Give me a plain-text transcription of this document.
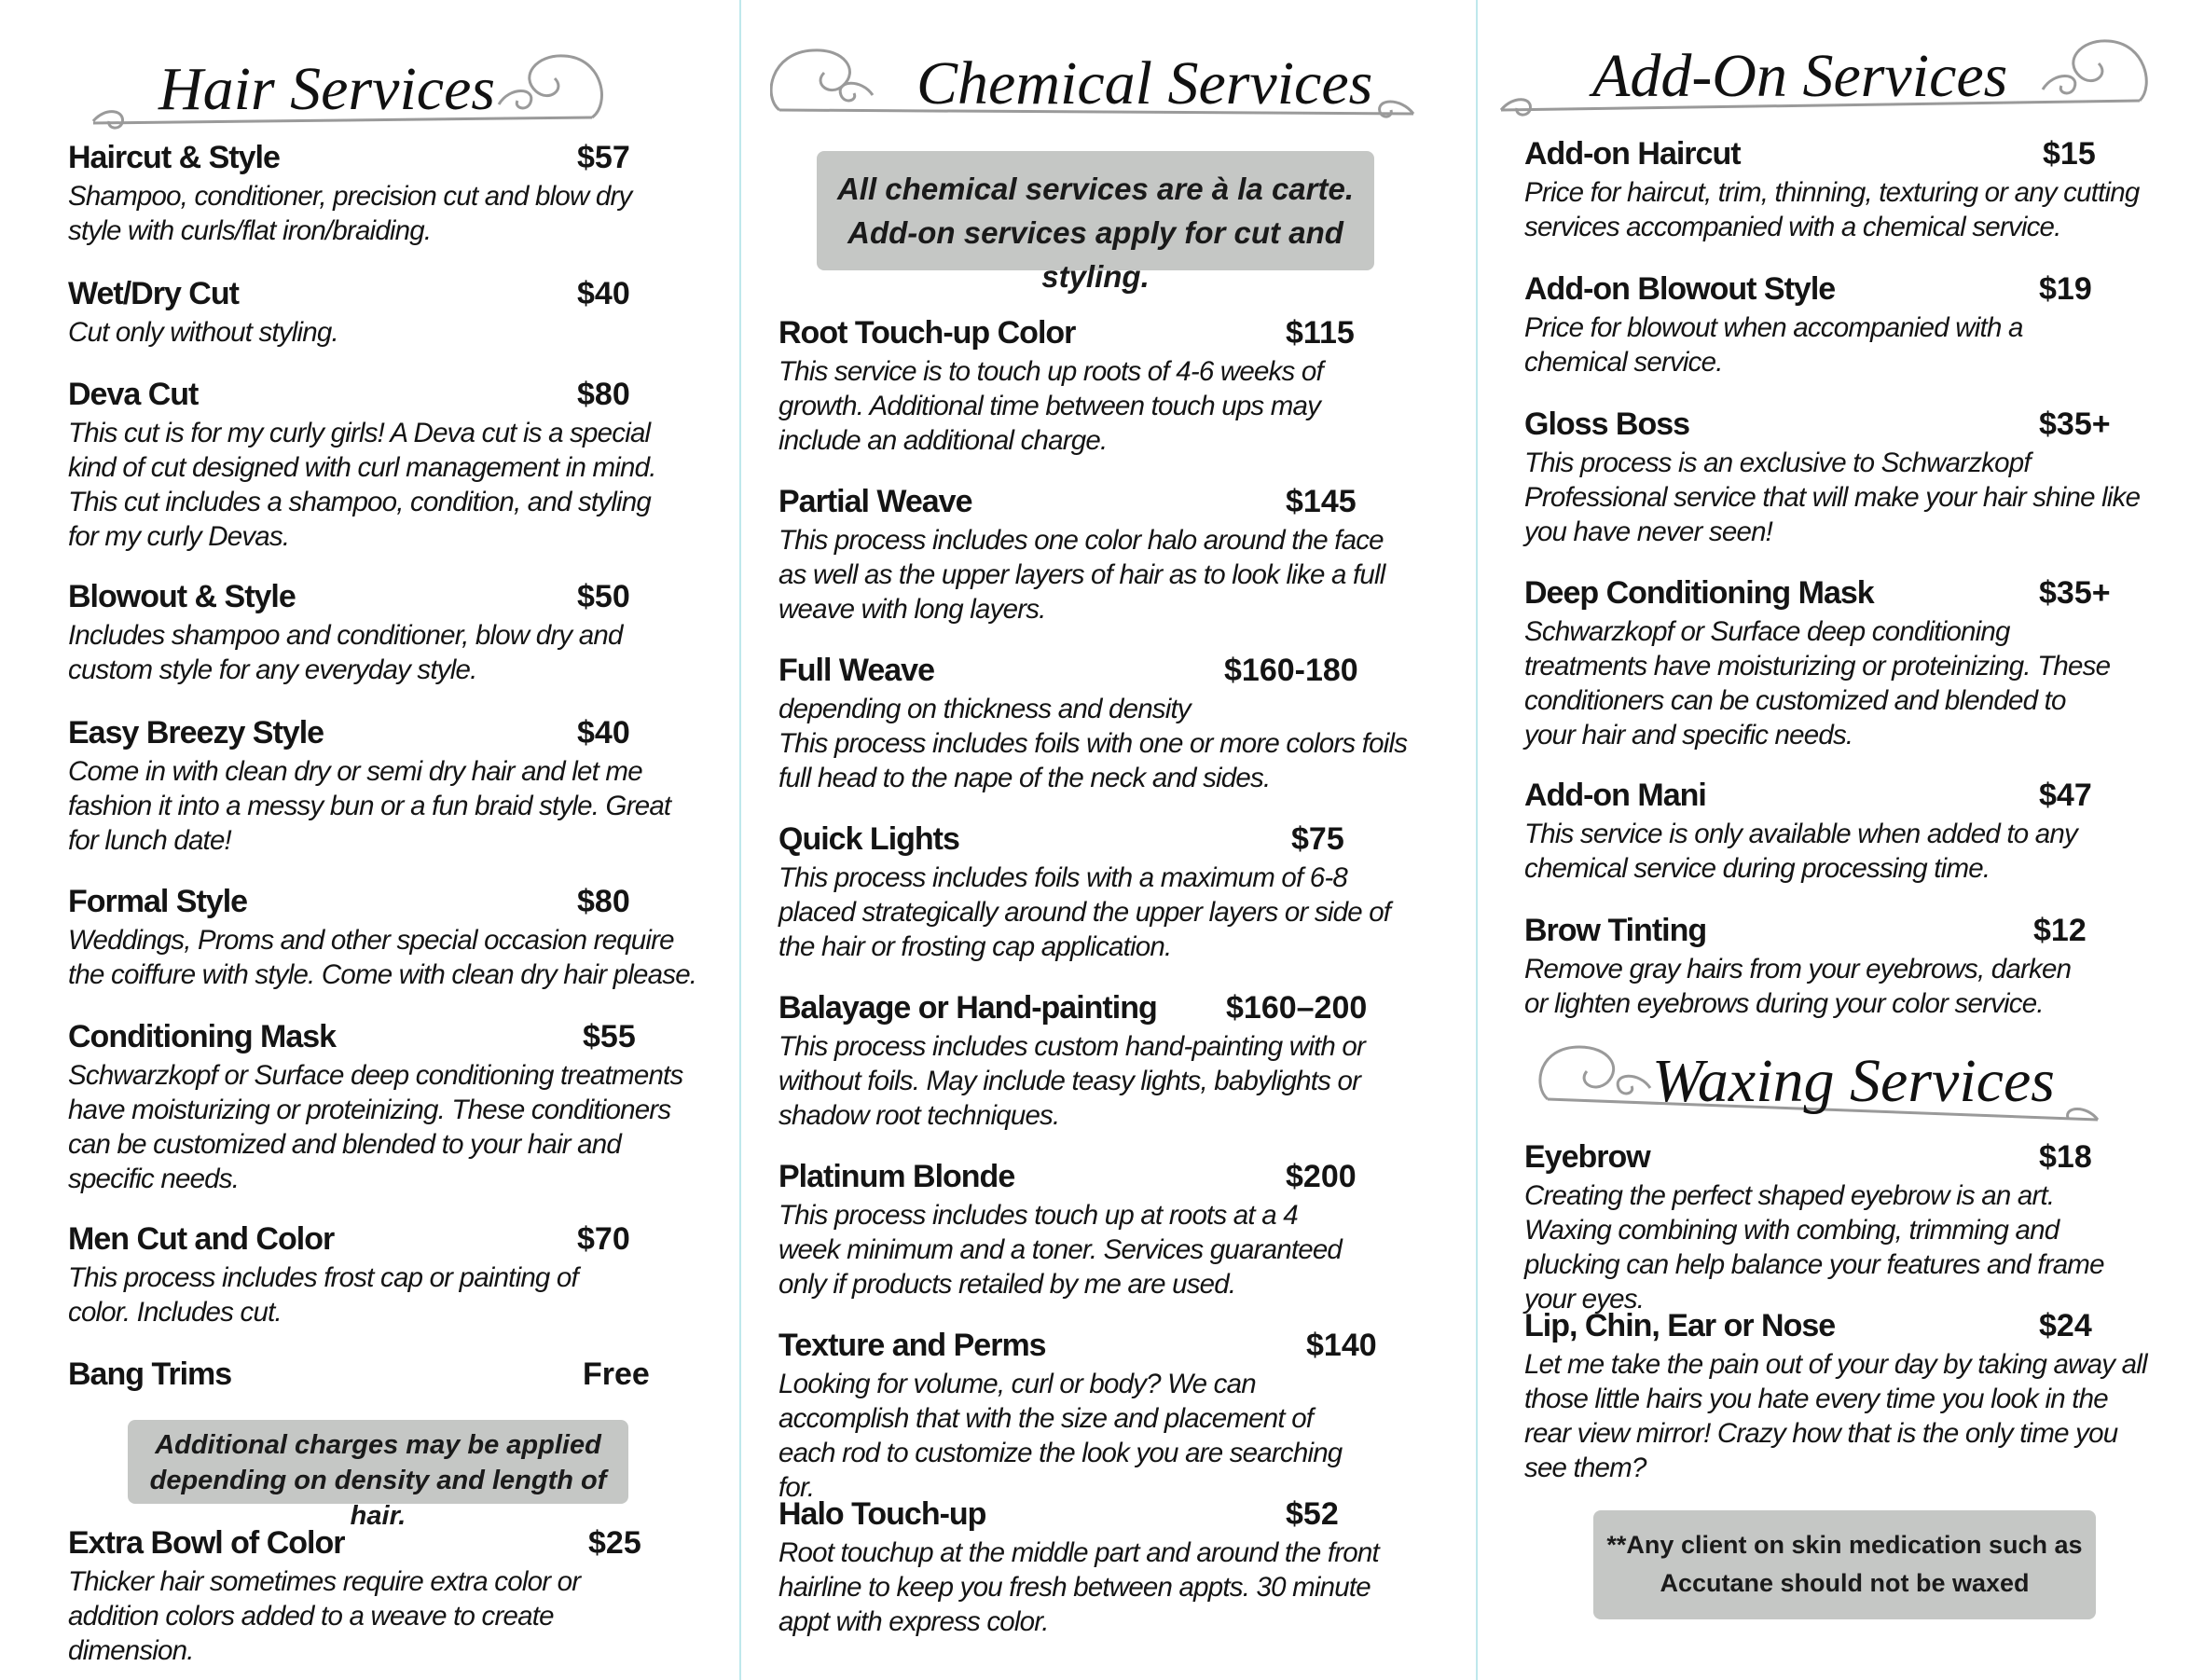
Hair Services
Haircut & Style	$57
Shampoo, conditioner, precision cut and blow dry style with curls/flat iron/braiding.
Wet/Dry Cut	$40
Cut only without styling.
Deva Cut	$80
This cut is for my curly girls! A Deva cut is a special kind of cut designed with curl management in mind. This cut includes a shampoo, condition, and styling for my curly Devas.
Blowout & Style	$50
Includes shampoo and conditioner, blow dry and custom style for any everyday style.
Easy Breezy Style	$40
Come in with clean dry or semi dry hair and let me fashion it into a messy bun or a fun braid style. Great for lunch date!
Formal Style	$80
Weddings, Proms and other special occasion require the coiffure with style. Come with clean dry hair please.
Conditioning Mask	$55
Schwarzkopf or Surface deep conditioning treatments have moisturizing or proteinizing. These conditioners can be customized and blended to your hair and specific needs.
Men Cut and Color	$70
This process includes frost cap or painting of color. Includes cut.
Bang Trims	Free
Additional charges may be applied
depending on density and length of hair.
Extra Bowl of Color	$25
Thicker hair sometimes require extra color or addition colors added to a weave to create dimension.
Chemical Services
All chemical services are à la carte.
Add-on services apply for cut and styling.
Root Touch-up Color	$115
This service is to touch up roots of 4-6 weeks of growth. Additional time between touch ups may include an additional charge.
Partial Weave	$145
This process includes one color halo around the face as well as the upper layers of hair as to look like a full weave with long layers.
Full Weave	$160-180
depending on thickness and density
This process includes foils with one or more colors foils full head to the nape of the neck and sides.
Quick Lights	$75
This process includes foils with a maximum of 6-8 placed strategically around the upper layers or side of the hair or frosting cap application.
Balayage or Hand-painting $160–200
This process includes custom hand-painting with or without foils. May include teasy lights, babylights or shadow root techniques.
Platinum Blonde	$200
This process includes touch up at roots at a 4 week minimum and a toner. Services guaranteed only if products retailed by me are used.
Texture and Perms	$140
Looking for volume, curl or body? We can accomplish that with the size and placement of each rod to customize the look you are searching for.
Halo Touch-up	$52
Root touchup at the middle part and around the front hairline to keep you fresh between appts. 30 minute appt with express color.
Add-On Services
Add-on Haircut	$15
Price for haircut, trim, thinning, texturing or any cutting services accompanied with a chemical service.
Add-on Blowout Style	$19
Price for blowout when accompanied with a chemical service.
Gloss Boss	$35+
This process is an exclusive to Schwarzkopf Professional service that will make your hair shine like you have never seen!
Deep Conditioning Mask	$35+
Schwarzkopf or Surface deep conditioning treatments have moisturizing or proteinizing. These conditioners can be customized and blended to your hair and specific needs.
Add-on Mani	$47
This service is only available when added to any chemical service during processing time.
Brow Tinting	$12
Remove gray hairs from your eyebrows, darken or lighten eyebrows during your color service.
Waxing Services
Eyebrow	$18
Creating the perfect shaped eyebrow is an art. Waxing combining with combing, trimming and plucking can help balance your features and frame your eyes.
Lip, Chin, Ear or Nose	$24
Let me take the pain out of your day by taking away all those little hairs you hate every time you look in the rear view mirror! Crazy how that is the only time you see them?
**Any client on skin medication such as
Accutane should not be waxed
